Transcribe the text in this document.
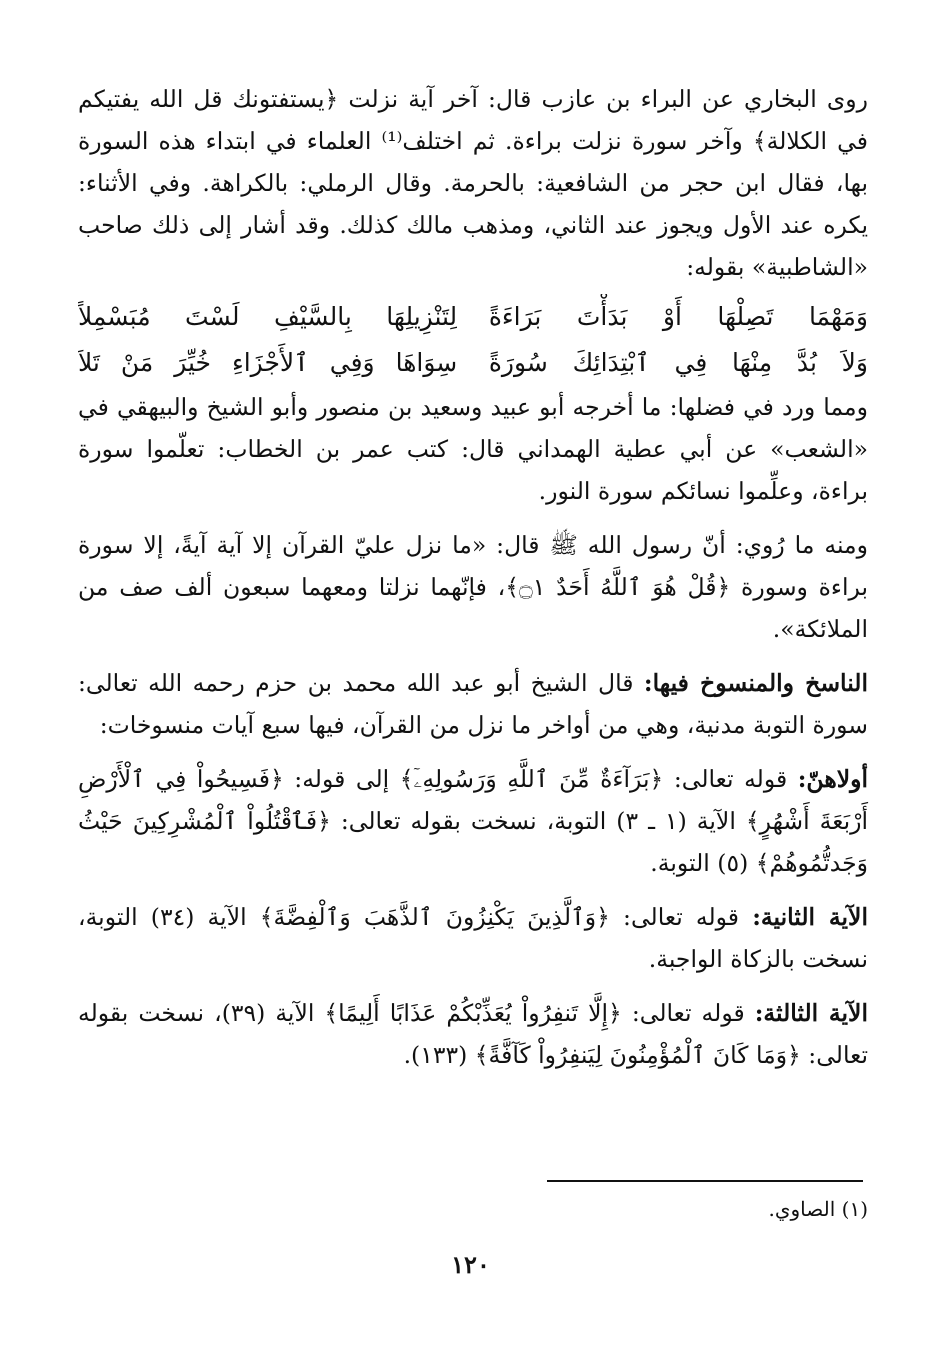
روى البخاري عن البراء بن عازب قال: آخر آية نزلت ﴿يستفتونك قل الله يفتيكم في الكلالة﴾ وآخر سورة نزلت براءة. ثم اختلف⁽¹⁾ العلماء في ابتداء هذه السورة بها، فقال ابن حجر من الشافعية: بالحرمة. وقال الرملي: بالكراهة. وفي الأثناء: يكره عند الأول ويجوز عند الثاني، ومذهب مالك كذلك. وقد أشار إلى ذلك صاحب «الشاطبية» بقوله:

وَمَهْمَا تَصِلْهَا أَوْ بَدَأْتَ بَرَاءَةً
لِتَنْزِيلِهَا بِالسَّيْفِ لَسْتَ مُبَسْمِلاً
وَلاَ بُدَّ مِنْهَا فِي ٱبْتِدَائِكَ سُورَةً
سِوَاهَا وَفِي ٱلأَجْزَاءِ خُيِّرَ مَنْ تَلاَ

ومما ورد في فضلها: ما أخرجه أبو عبيد وسعيد بن منصور وأبو الشيخ والبيهقي في «الشعب» عن أبي عطية الهمداني قال: كتب عمر بن الخطاب: تعلّموا سورة براءة، وعلِّموا نسائكم سورة النور.

ومنه ما رُوي: أنّ رسول الله ﷺ قال: «ما نزل عليّ القرآن إلا آية آيةً، إلا سورة براءة وسورة ﴿قُلْ هُوَ ٱللَّهُ أَحَدٌ ۝١﴾، فإنّهما نزلتا ومعهما سبعون ألف صف من الملائكة».

الناسخ والمنسوخ فيها: قال الشيخ أبو عبد الله محمد بن حزم رحمه الله تعالى: سورة التوبة مدنية، وهي من أواخر ما نزل من القرآن، فيها سبع آيات منسوخات:

أولاهنّ: قوله تعالى: ﴿بَرَآءَةٌ مِّنَ ٱللَّهِ وَرَسُولِهِۦٓ﴾ إلى قوله: ﴿فَسِيحُواْ فِي ٱلْأَرْضِ أَرْبَعَةَ أَشْهُرٍ﴾ الآية (١ ـ ٣) التوبة، نسخت بقوله تعالى: ﴿فَٱقْتُلُواْ ٱلْمُشْرِكِينَ حَيْثُ وَجَدتُّمُوهُمْ﴾ (٥) التوبة.

الآية الثانية: قوله تعالى: ﴿وَٱلَّذِينَ يَكْنِزُونَ ٱلذَّهَبَ وَٱلْفِضَّةَ﴾ الآية (٣٤) التوبة، نسخت بالزكاة الواجبة.

الآية الثالثة: قوله تعالى: ﴿إِلَّا تَنفِرُواْ يُعَذِّبْكُمْ عَذَابًا أَلِيمًا﴾ الآية (٣٩)، نسخت بقوله تعالى: ﴿وَمَا كَانَ ٱلْمُؤْمِنُونَ لِيَنفِرُواْ كَآفَّةً﴾ (١٣٣).

(١) الصاوي.
١٢٠
